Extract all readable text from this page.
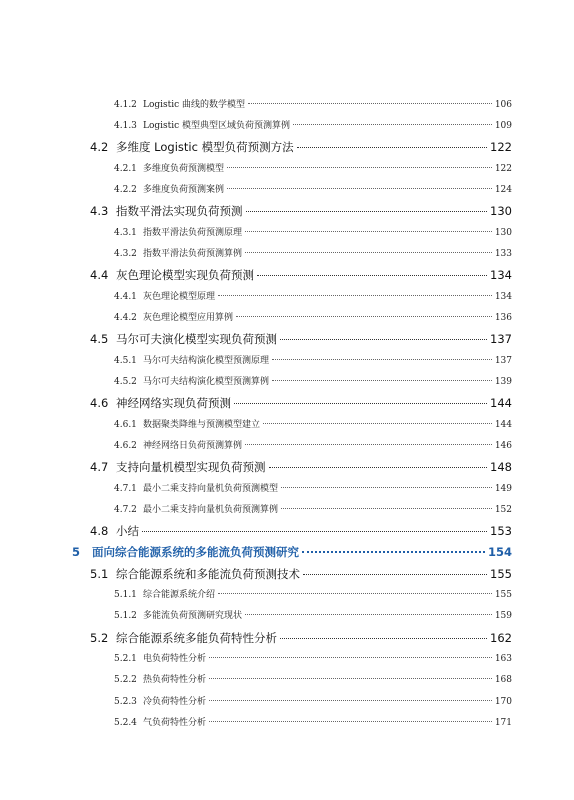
4.1.2 Logistic 曲线的数学模型	106
4.1.3 Logistic 模型典型区域负荷预测算例	109
4.2 多维度 Logistic 模型负荷预测方法	122
4.2.1 多维度负荷预测模型	122
4.2.2 多维度负荷预测案例	124
4.3 指数平滑法实现负荷预测	130
4.3.1 指数平滑法负荷预测原理	130
4.3.2 指数平滑法负荷预测算例	133
4.4 灰色理论模型实现负荷预测	134
4.4.1 灰色理论模型原理	134
4.4.2 灰色理论模型应用算例	136
4.5 马尔可夫演化模型实现负荷预测	137
4.5.1 马尔可夫结构演化模型预测原理	137
4.5.2 马尔可夫结构演化模型预测算例	139
4.6 神经网络实现负荷预测	144
4.6.1 数据聚类降维与预测模型建立	144
4.6.2 神经网络日负荷预测算例	146
4.7 支持向量机模型实现负荷预测	148
4.7.1 最小二乘支持向量机负荷预测模型	149
4.7.2 最小二乘支持向量机负荷预测算例	152
4.8 小结	153
5	面向综合能源系统的多能流负荷预测研究	154
5.1 综合能源系统和多能流负荷预测技术	155
5.1.1 综合能源系统介绍	155
5.1.2 多能流负荷预测研究现状	159
5.2 综合能源系统多能负荷特性分析	162
5.2.1 电负荷特性分析	163
5.2.2 热负荷特性分析	168
5.2.3 冷负荷特性分析	170
5.2.4 气负荷特性分析	171
